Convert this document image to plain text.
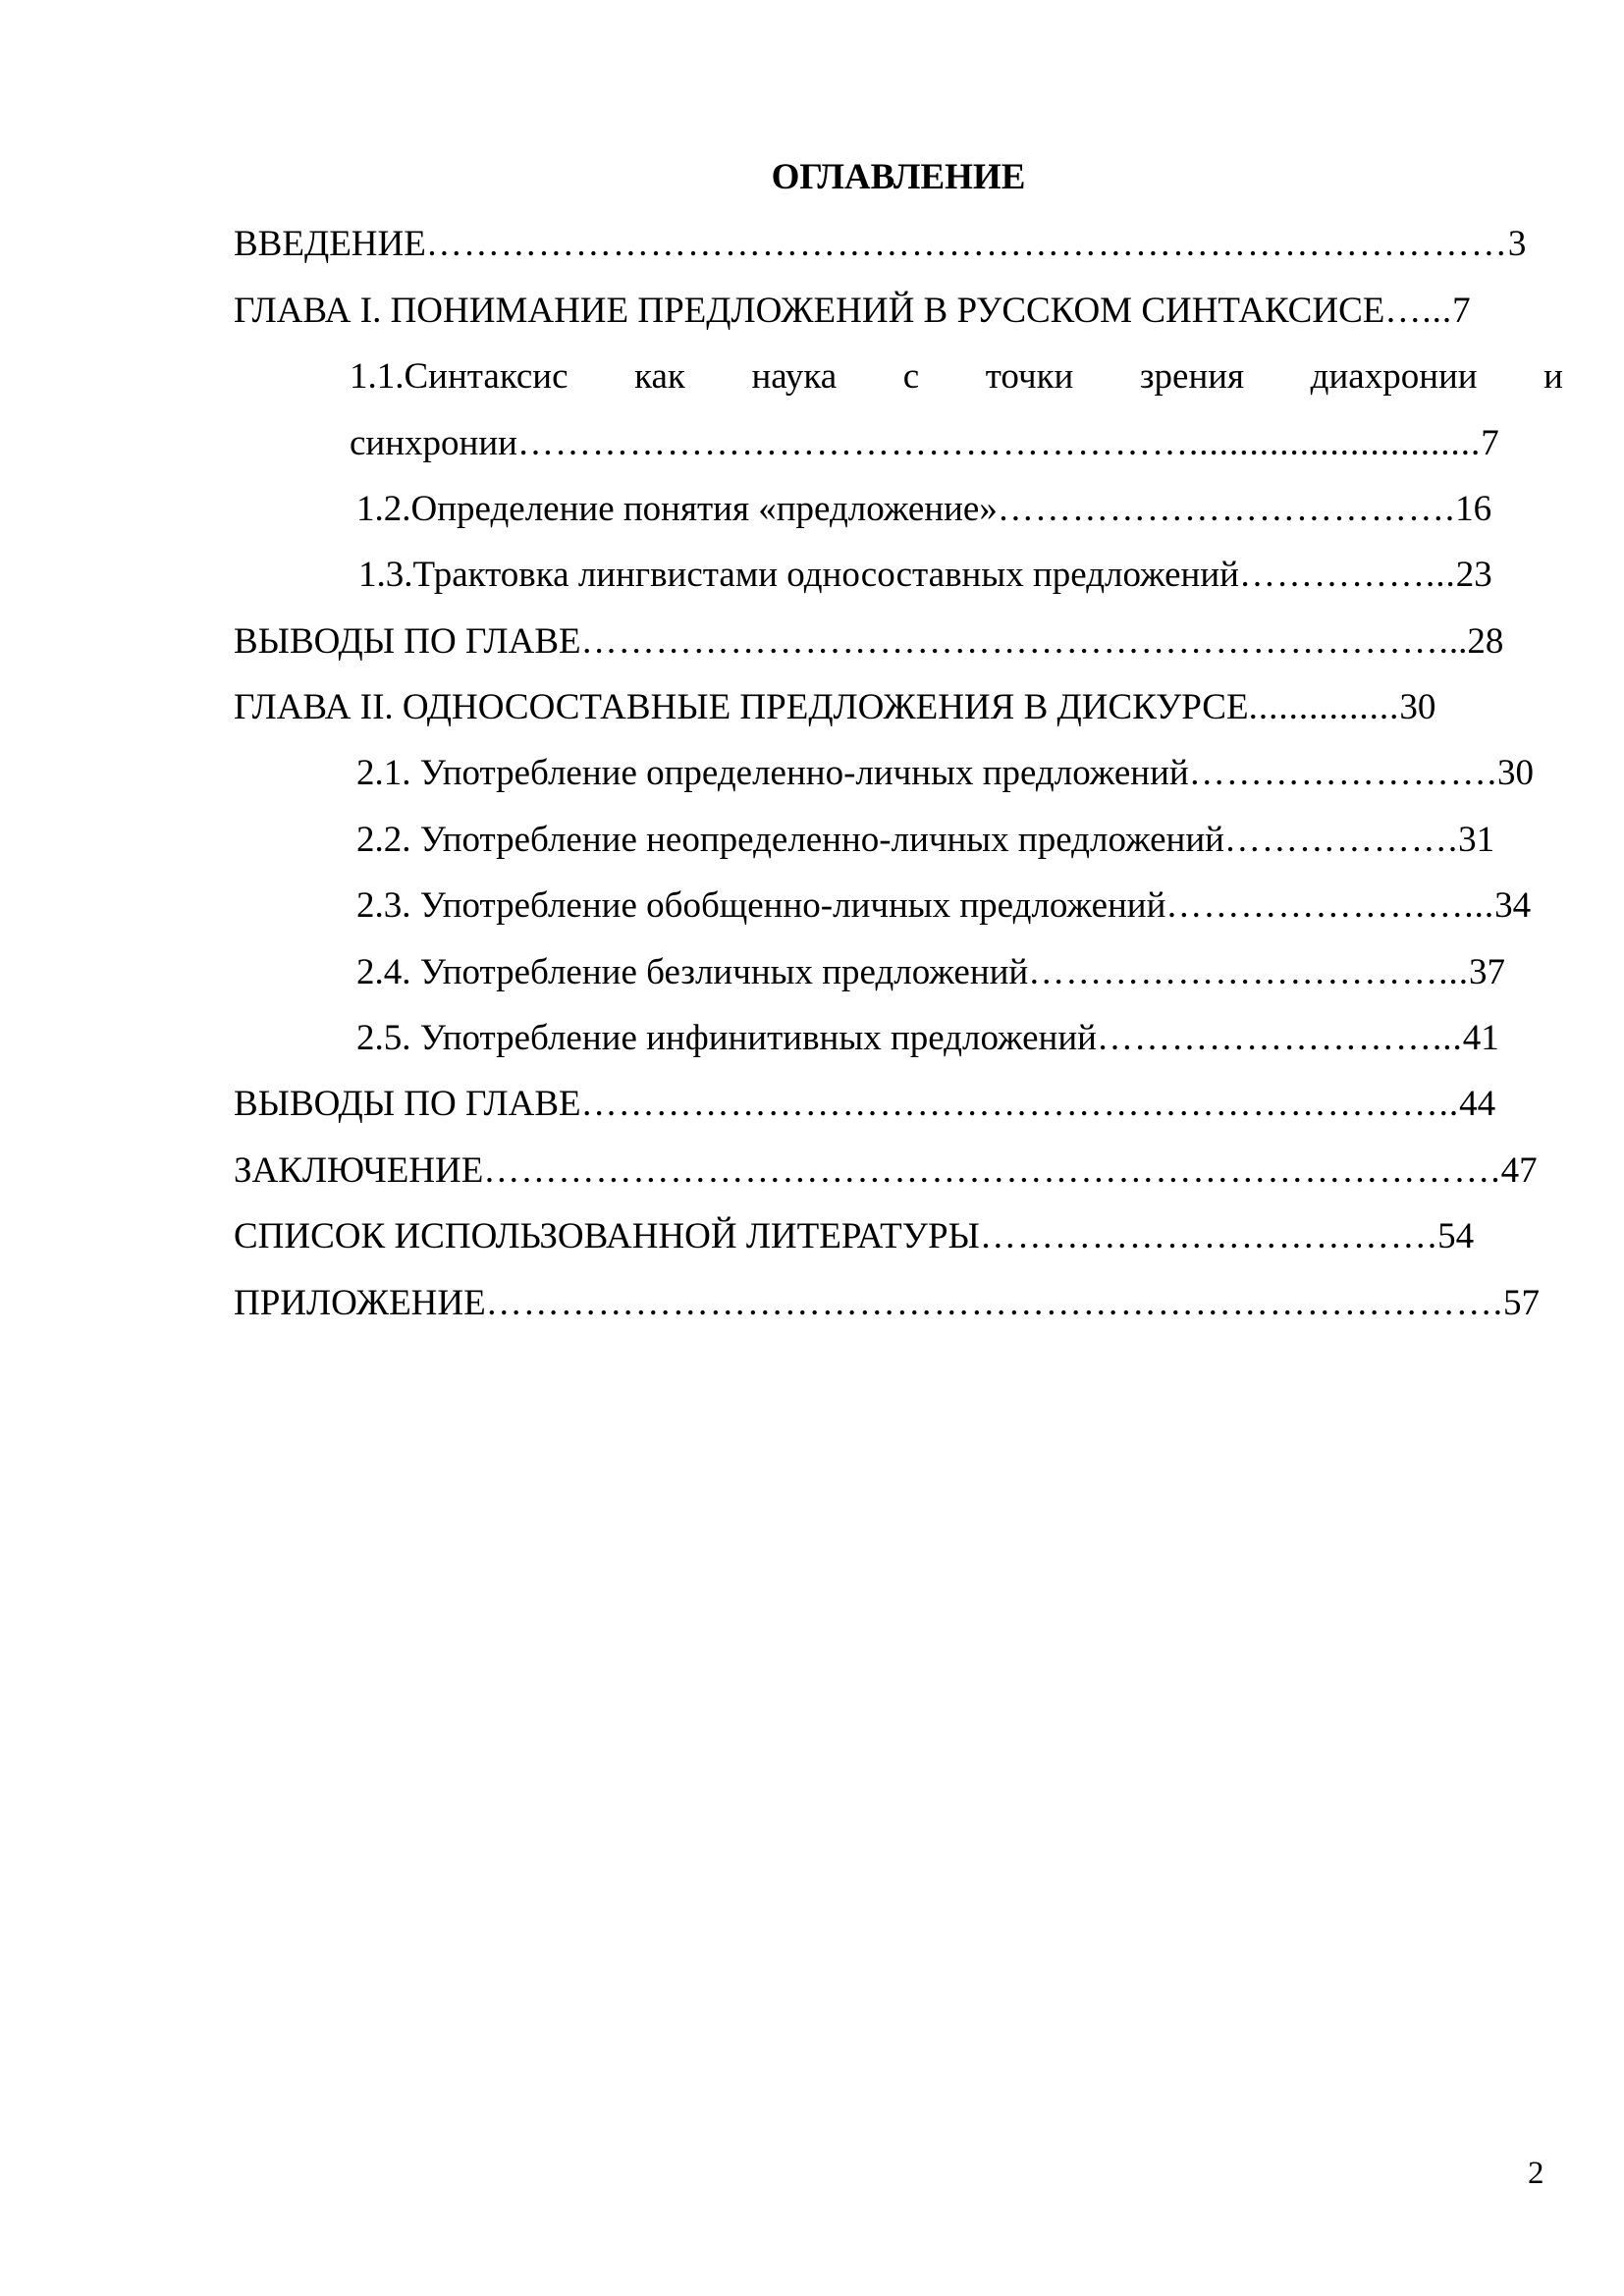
ОГЛАВЛЕНИЕ
ВВЕДЕНИЕ……………………………………………………………………………3
ГЛАВА I. ПОНИМАНИЕ ПРЕДЛОЖЕНИЙ В РУССКОМ СИНТАКСИСЕ…...7
1.1.Синтаксис как наука с точки зрения диахронии и
синхронии……………………………………………….............................7
1.2.Определение понятия «предложение»……………………………….16
1.3.Трактовка лингвистами односоставных предложений……………...23
ВЫВОДЫ ПО ГЛАВЕ……………………………………………………………...28
ГЛАВА II. ОДНОСОСТАВНЫЕ ПРЕДЛОЖЕНИЯ В ДИСКУРСЕ...............30
2.1. Употребление определенно-личных предложений…………………….30
2.2. Употребление неопределенно-личных предложений……………….31
2.3. Употребление обобщенно-личных предложений……………………...34
2.4. Употребление безличных предложений……………………………...37
2.5. Употребление инфинитивных предложений………………………...41
ВЫВОДЫ ПО ГЛАВЕ……………………………………………………………..44
ЗАКЛЮЧЕНИЕ……………………………………………………………………….47
СПИСОК ИСПОЛЬЗОВАННОЙ ЛИТЕРАТУРЫ……………………………….54
ПРИЛОЖЕНИЕ……………………………………………………………………….57
2
